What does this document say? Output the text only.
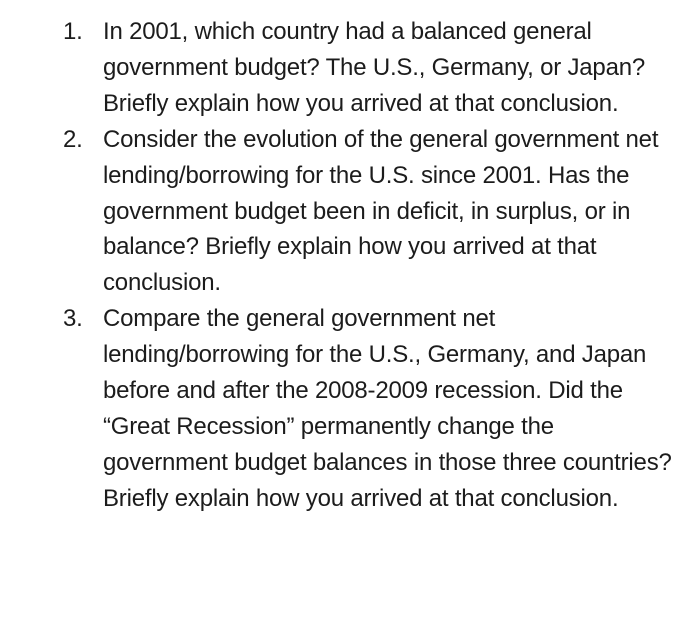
1. In 2001, which country had a balanced general government budget? The U.S., Germany, or Japan? Briefly explain how you arrived at that conclusion.
2. Consider the evolution of the general government net lending/borrowing for the U.S. since 2001. Has the government budget been in deficit, in surplus, or in balance? Briefly explain how you arrived at that conclusion.
3. Compare the general government net lending/borrowing for the U.S., Germany, and Japan before and after the 2008-2009 recession. Did the “Great Recession” permanently change the government budget balances in those three countries? Briefly explain how you arrived at that conclusion.
